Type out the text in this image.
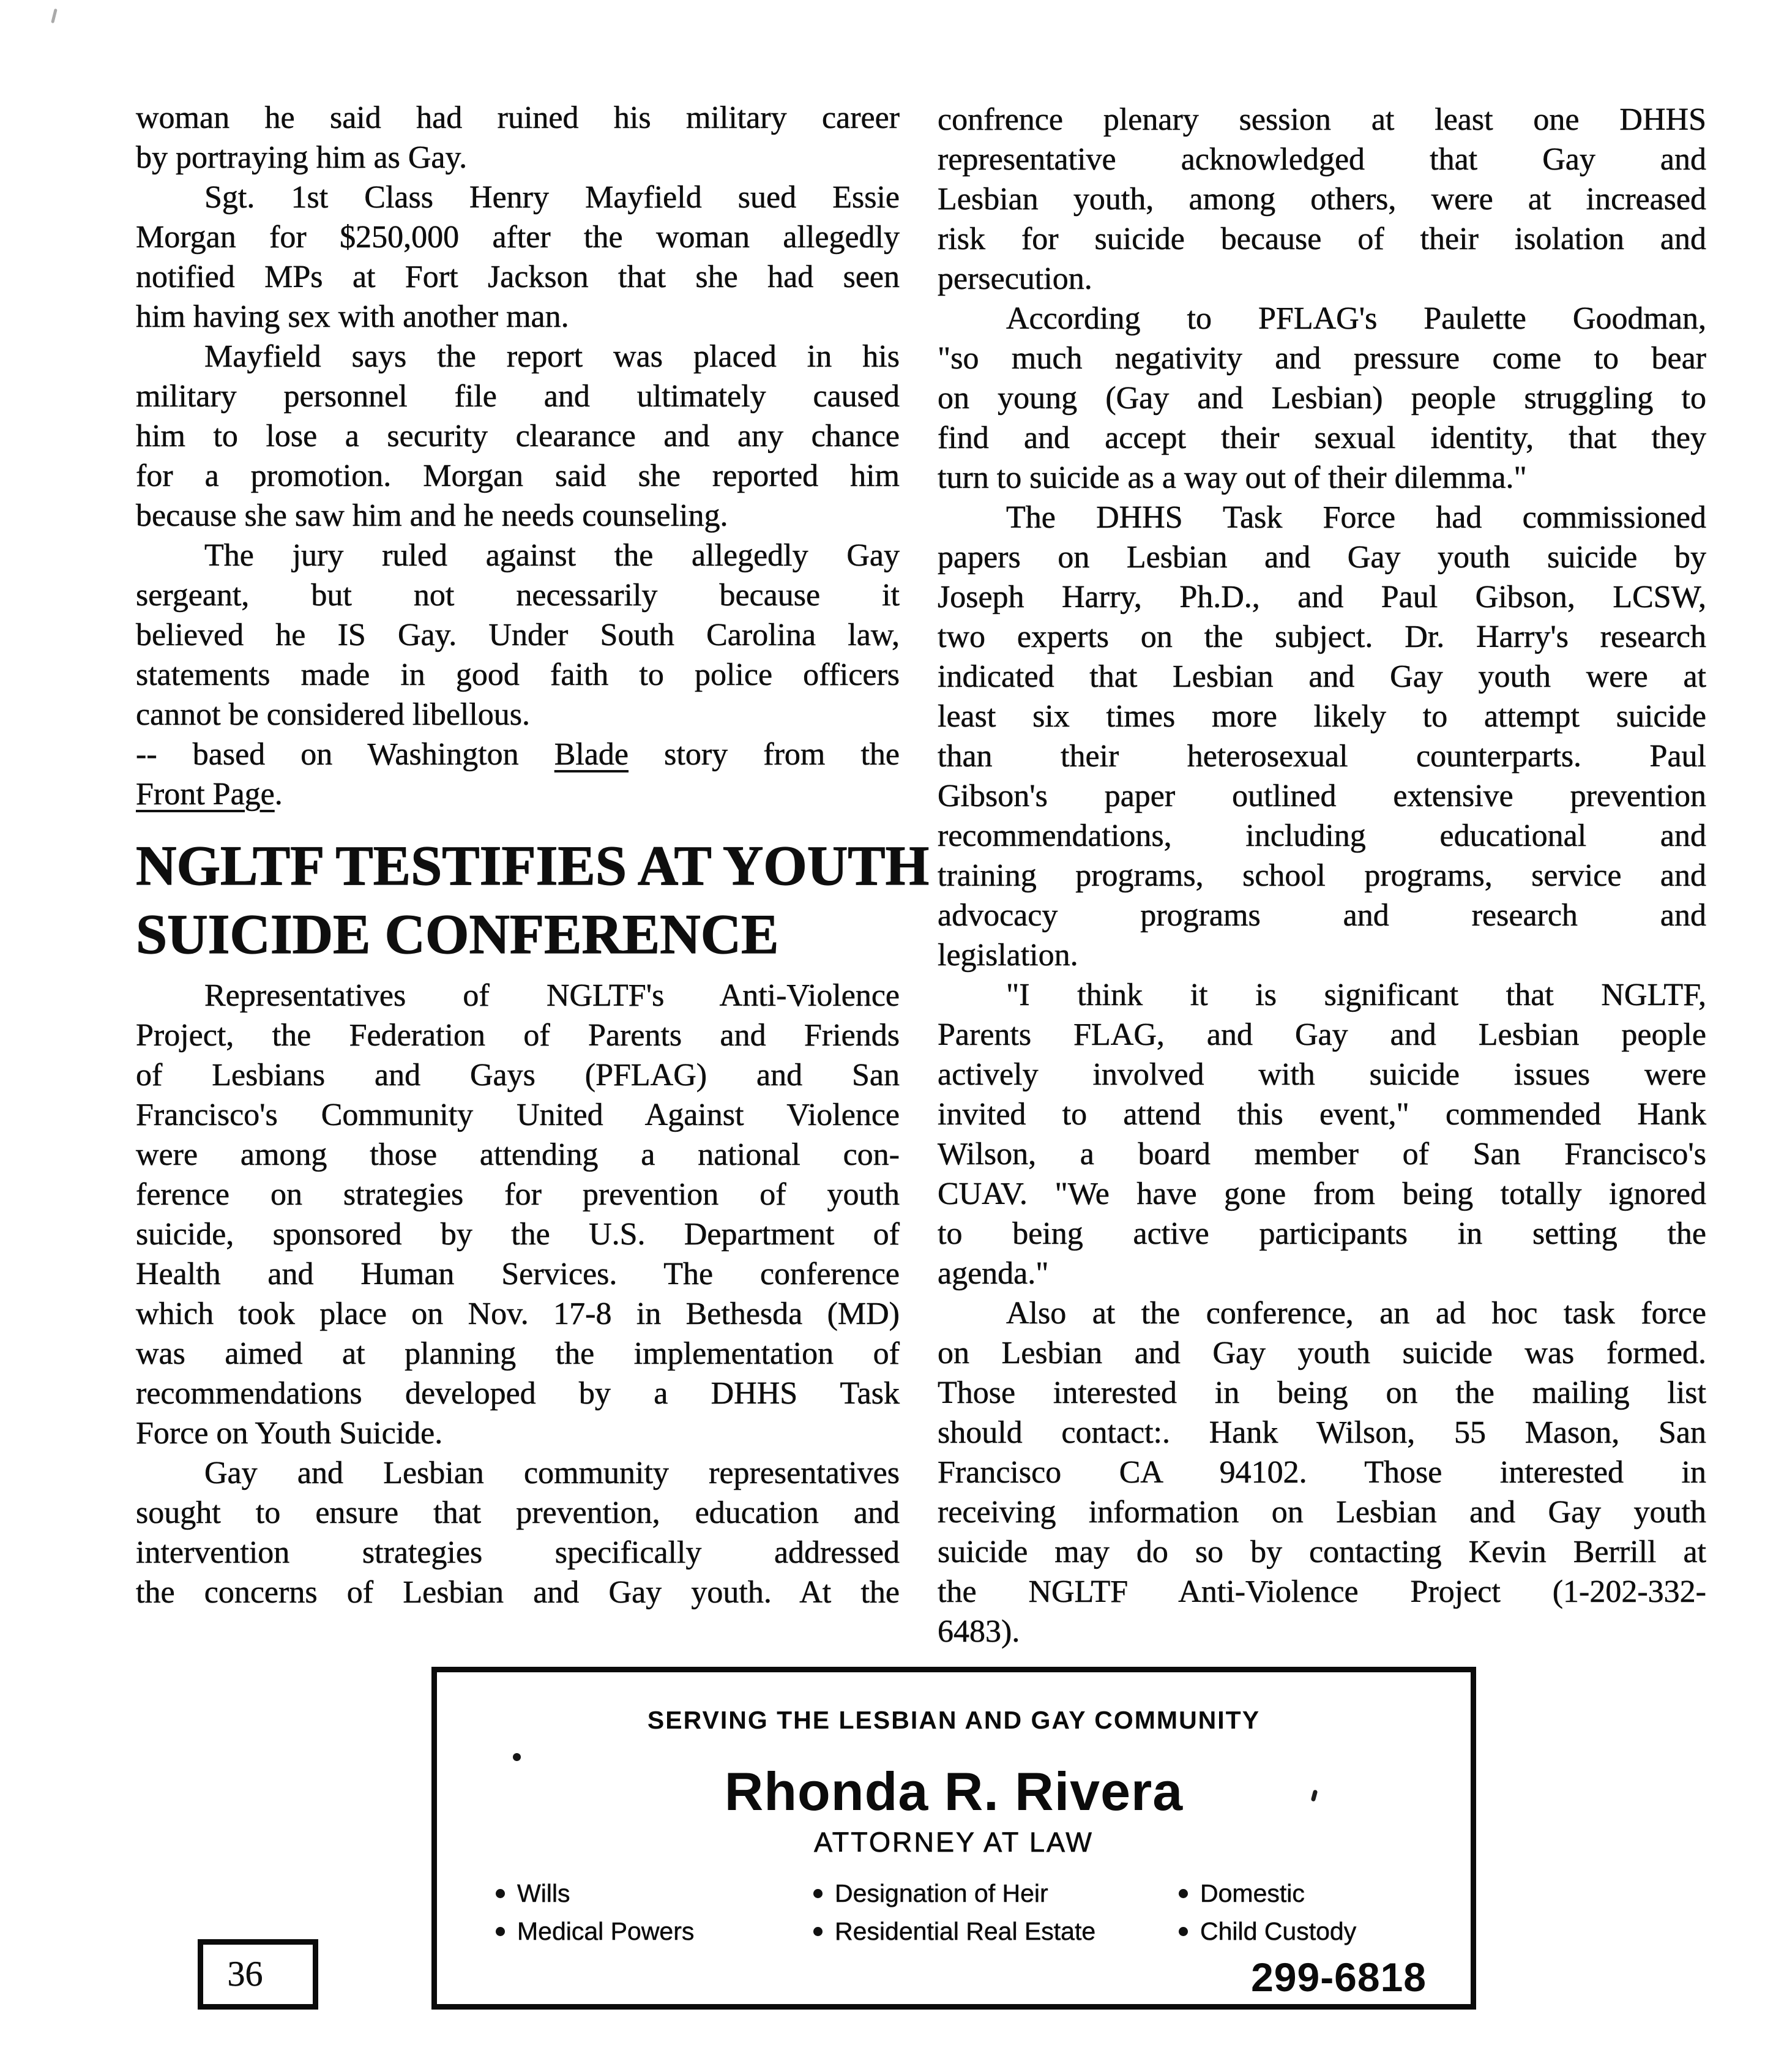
woman he said had ruined his military career
by portraying him as Gay.
Sgt. 1st Class Henry Mayfield sued Essie
Morgan for $250,000 after the woman allegedly
notified MPs at Fort Jackson that she had seen
him having sex with another man.
Mayfield says the report was placed in his
military personnel file and ultimately caused
him to lose a security clearance and any chance
for a promotion. Morgan said she reported him
because she saw him and he needs counseling.
The jury ruled against the allegedly Gay
sergeant, but not necessarily because it
believed he IS Gay. Under South Carolina law,
statements made in good faith to police officers
cannot be considered libellous.
-- based on Washington Blade story from the
Front Page.
NGLTF TESTIFIES AT YOUTH
SUICIDE CONFERENCE
Representatives of NGLTF's Anti-Violence
Project, the Federation of Parents and Friends
of Lesbians and Gays (PFLAG) and San
Francisco's Community United Against Violence
were among those attending a national con-
ference on strategies for prevention of youth
suicide, sponsored by the U.S. Department of
Health and Human Services. The conference
which took place on Nov. 17-8 in Bethesda (MD)
was aimed at planning the implementation of
recommendations developed by a DHHS Task
Force on Youth Suicide.
Gay and Lesbian community representatives
sought to ensure that prevention, education and
intervention strategies specifically addressed
the concerns of Lesbian and Gay youth. At the
confrence plenary session at least one DHHS
representative acknowledged that Gay and
Lesbian youth, among others, were at increased
risk for suicide because of their isolation and
persecution.
According to PFLAG's Paulette Goodman,
"so much negativity and pressure come to bear
on young (Gay and Lesbian) people struggling to
find and accept their sexual identity, that they
turn to suicide as a way out of their dilemma."
The DHHS Task Force had commissioned
papers on Lesbian and Gay youth suicide by
Joseph Harry, Ph.D., and Paul Gibson, LCSW,
two experts on the subject. Dr. Harry's research
indicated that Lesbian and Gay youth were at
least six times more likely to attempt suicide
than their heterosexual counterparts. Paul
Gibson's paper outlined extensive prevention
recommendations, including educational and
training programs, school programs, service and
advocacy programs and research and
legislation.
"I think it is significant that NGLTF,
Parents FLAG, and Gay and Lesbian people
actively involved with suicide issues were
invited to attend this event," commended Hank
Wilson, a board member of San Francisco's
CUAV. "We have gone from being totally ignored
to being active participants in setting the
agenda."
Also at the conference, an ad hoc task force
on Lesbian and Gay youth suicide was formed.
Those interested in being on the mailing list
should contact:. Hank Wilson, 55 Mason, San
Francisco CA 94102. Those interested in
receiving information on Lesbian and Gay youth
suicide may do so by contacting Kevin Berrill at
the NGLTF Anti-Violence Project (1-202-332-
6483).
SERVING THE LESBIAN AND GAY COMMUNITY
Rhonda R. Rivera
ATTORNEY AT LAW
Wills
Medical Powers
Designation of Heir
Residential Real Estate
Domestic
Child Custody
299-6818
36
